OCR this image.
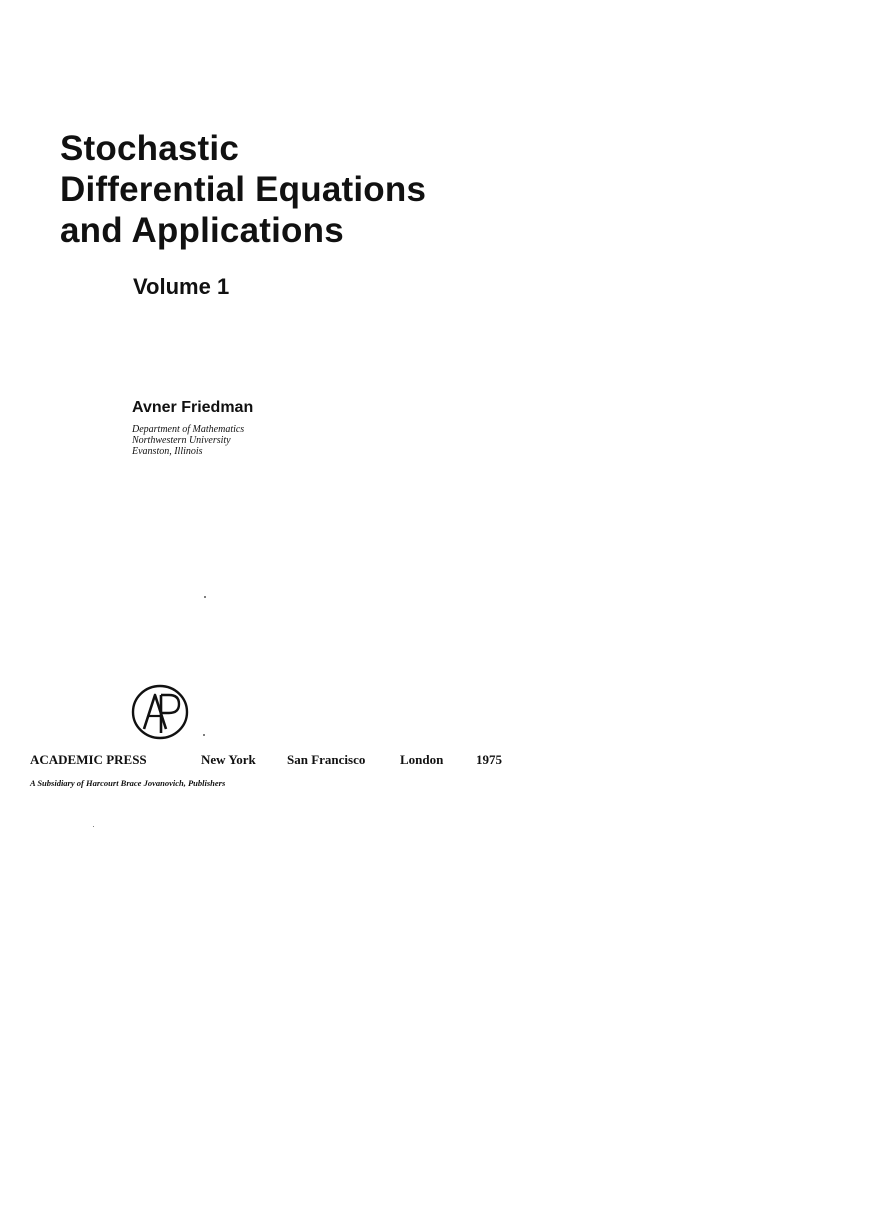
Stochastic
Differential Equations
and Applications
Volume 1
Avner Friedman
Department of Mathematics
Northwestern University
Evanston, Illinois
ACADEMIC PRESS	New York San Francisco	London	1975
A Subsidiary of Harcourt Brace Jovanovich, Publishers
